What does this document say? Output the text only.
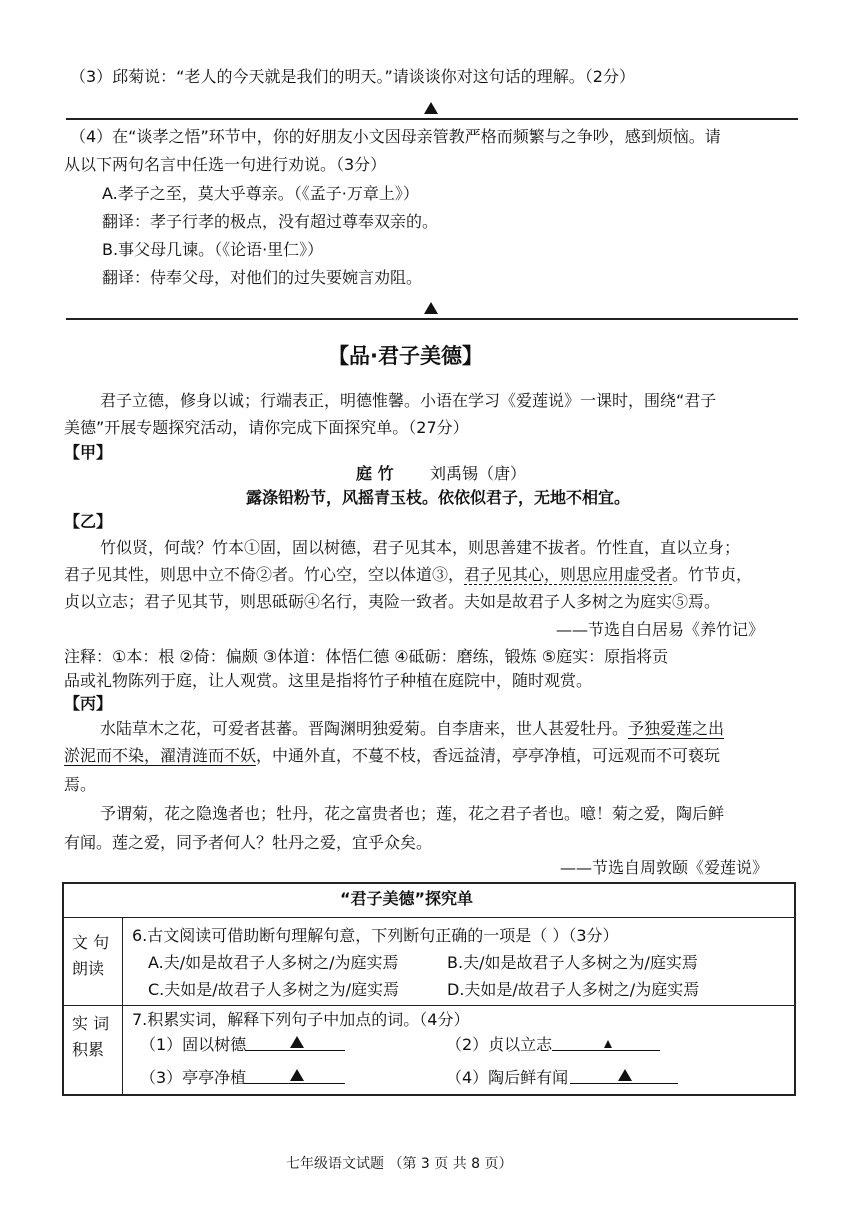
（3）邱菊说：“老人的今天就是我们的明天。”请谈谈你对这句话的理解。（2分）
（4）在“谈孝之悟”环节中，你的好朋友小文因母亲管教严格而频繁与之争吵，感到烦恼。请
从以下两句名言中任选一句进行劝说。（3分）
A.孝子之至，莫大乎尊亲。（《孟子·万章上》）
翻译：孝子行孝的极点，没有超过尊奉双亲的。
B.事父母几谏。（《论语·里仁》）
翻译：侍奉父母，对他们的过失要婉言劝阻。
【品·君子美德】
君子立德，修身以诚；行端表正，明德惟馨。小语在学习《爱莲说》一课时，围绕“君子
美德”开展专题探究活动，请你完成下面探究单。（27分）
【甲】
庭 竹 刘禹锡（唐）
露涤铅粉节，风摇青玉枝。依依似君子，无地不相宜。
【乙】
竹似贤，何哉？竹本①固，固以树德，君子见其本，则思善建不拔者。竹性直，直以立身；
君子见其性，则思中立不倚②者。竹心空，空以体道③，君子见其心，则思应用虚受者。竹节贞，
贞以立志；君子见其节，则思砥砺④名行，夷险一致者。夫如是故君子人多树之为庭实⑤焉。
——节选自白居易《养竹记》
注释：①本：根 ②倚：偏颇 ③体道：体悟仁德 ④砥砺：磨练，锻炼 ⑤庭实：原指将贡
品或礼物陈列于庭，让人观赏。这里是指将竹子种植在庭院中，随时观赏。
【丙】
水陆草木之花，可爱者甚蕃。晋陶渊明独爱菊。自李唐来，世人甚爱牡丹。予独爱莲之出
淤泥而不染，濯清涟而不妖，中通外直，不蔓不枝，香远益清，亭亭净植，可远观而不可亵玩
焉。
予谓菊，花之隐逸者也；牡丹，花之富贵者也；莲，花之君子者也。噫！菊之爱，陶后鲜
有闻。莲之爱，同予者何人？牡丹之爱，宜乎众矣。
——节选自周敦颐《爱莲说》
“君子美德”探究单
文 句
朗读
6.古文阅读可借助断句理解句意，下列断句正确的一项是（ ）（3分）
A.夫/如是故君子人多树之/为庭实焉	B.夫/如是故君子人多树之为/庭实焉
C.夫如是/故君子人多树之为/庭实焉	D.夫如是/故君子人多树之/为庭实焉
实 词
积累
7.积累实词，解释下列句子中加点的词。（4分）
（1）固以树德	（2）贞以立志
（3）亭亭净植	（4）陶后鲜有闻
七年级语文试题 （第 3 页 共 8 页）
